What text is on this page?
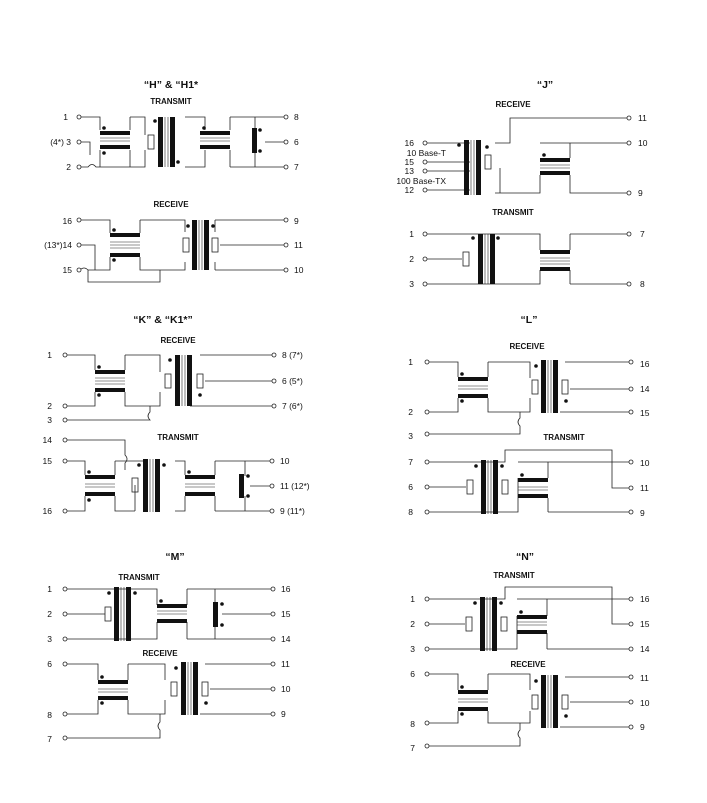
“H” & “H1*
TRANSMIT
1
(4*) 3
2
8
6
7
RECEIVE
16
(13*)14
15
9
11
10
“J”
RECEIVE
16
10 Base-T
15
13
100 Base-TX
12
11
10
9
TRANSMIT
1
2
3
7
8
“K” & “K1*”
RECEIVE
1
2
3
8 (7*)
6 (5*)
7 (6*)
TRANSMIT
14
15
16
10
11 (12*)
9 (11*)
“L”
RECEIVE
1
2
3
16
14
15
TRANSMIT
7
6
8
10
11
9
“M”
TRANSMIT
1
2
3
16
15
14
RECEIVE
6
8
7
11
10
9
“N”
TRANSMIT
1
2
3
16
15
14
RECEIVE
6
8
7
11
10
9
